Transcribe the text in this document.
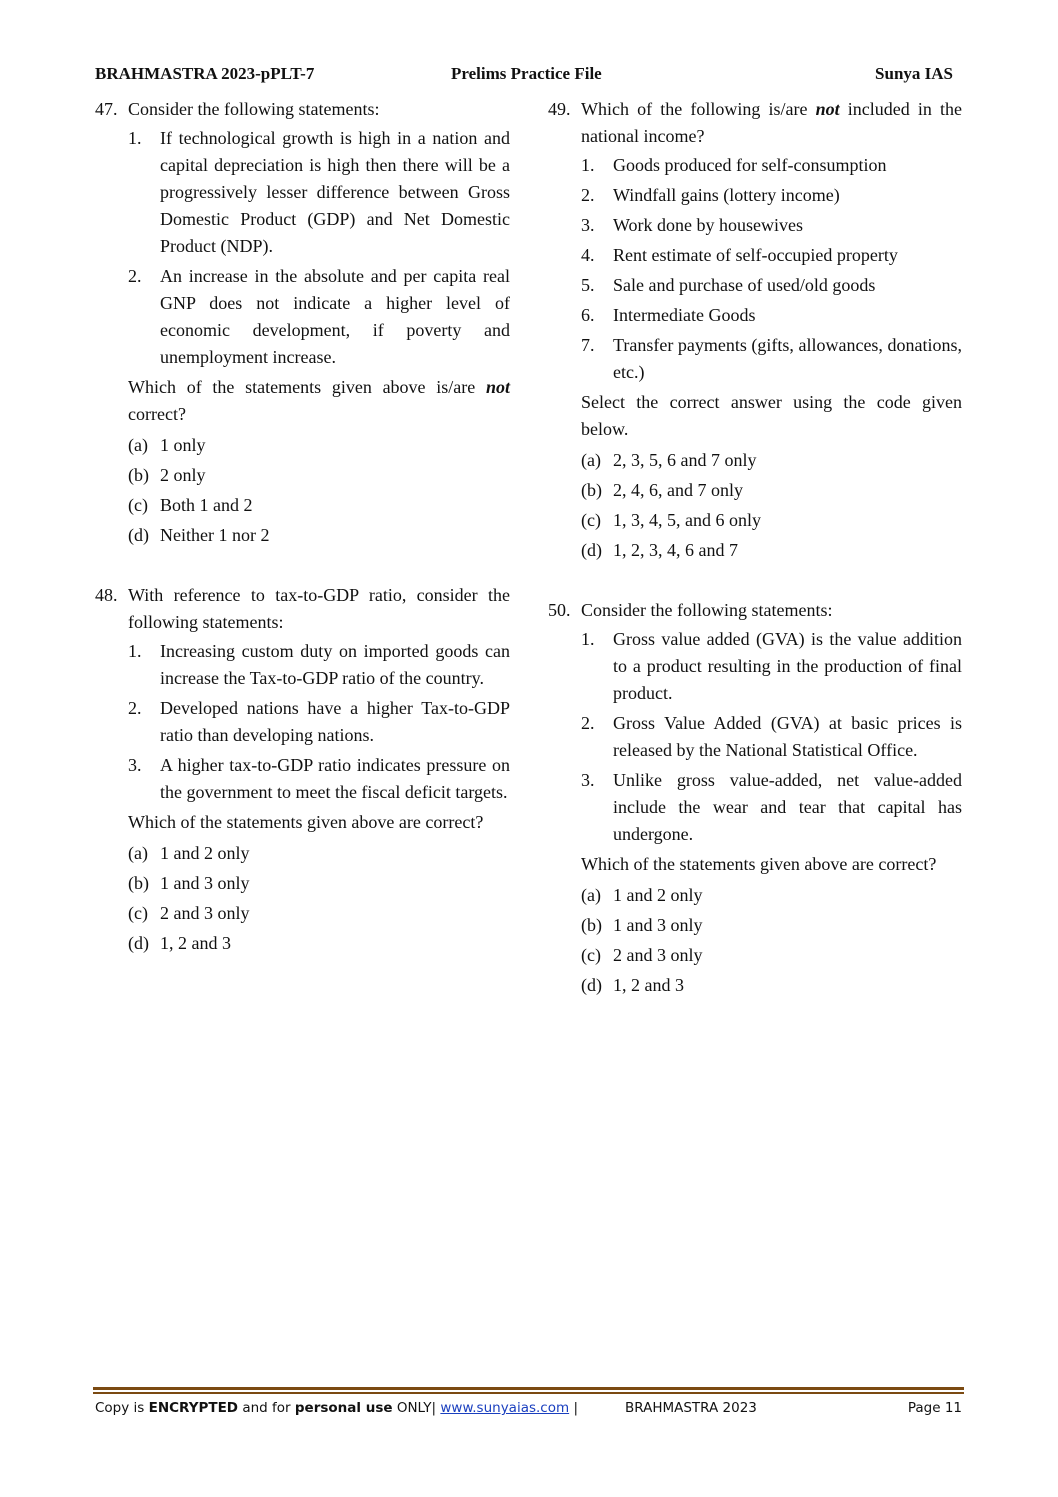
BRAHMASTRA 2023-pPLT-7	Prelims Practice File	Sunya IAS
47. Consider the following statements:
1.	If technological growth is high in a nation and capital depreciation is high then there will be a progressively lesser difference between Gross Domestic Product (GDP) and Net Domestic Product (NDP).
2.	An increase in the absolute and per capita real GNP does not indicate a higher level of economic development, if poverty and unemployment increase.
Which of the statements given above is/are not correct?
(a) 1 only
(b) 2 only
(c) Both 1 and 2
(d) Neither 1 nor 2
48. With reference to tax-to-GDP ratio, consider the following statements:
1.	Increasing custom duty on imported goods can increase the Tax-to-GDP ratio of the country.
2.	Developed nations have a higher Tax-to-GDP ratio than developing nations.
3.	A higher tax-to-GDP ratio indicates pressure on the government to meet the fiscal deficit targets.
Which of the statements given above are correct?
(a) 1 and 2 only
(b) 1 and 3 only
(c) 2 and 3 only
(d) 1, 2 and 3
49. Which of the following is/are not included in the national income?
1.	Goods produced for self-consumption
2.	Windfall gains (lottery income)
3.	Work done by housewives
4.	Rent estimate of self-occupied property
5.	Sale and purchase of used/old goods
6.	Intermediate Goods
7.	Transfer payments (gifts, allowances, donations, etc.)
Select the correct answer using the code given below.
(a) 2, 3, 5, 6 and 7 only
(b) 2, 4, 6, and 7 only
(c) 1, 3, 4, 5, and 6 only
(d) 1, 2, 3, 4, 6 and 7
50. Consider the following statements:
1.	Gross value added (GVA) is the value addition to a product resulting in the production of final product.
2.	Gross Value Added (GVA) at basic prices is released by the National Statistical Office.
3.	Unlike gross value-added, net value-added include the wear and tear that capital has undergone.
Which of the statements given above are correct?
(a) 1 and 2 only
(b) 1 and 3 only
(c) 2 and 3 only
(d) 1, 2 and 3
Copy is ENCRYPTED and for personal use ONLY| www.sunyaias.com |	BRAHMASTRA 2023	Page 11
